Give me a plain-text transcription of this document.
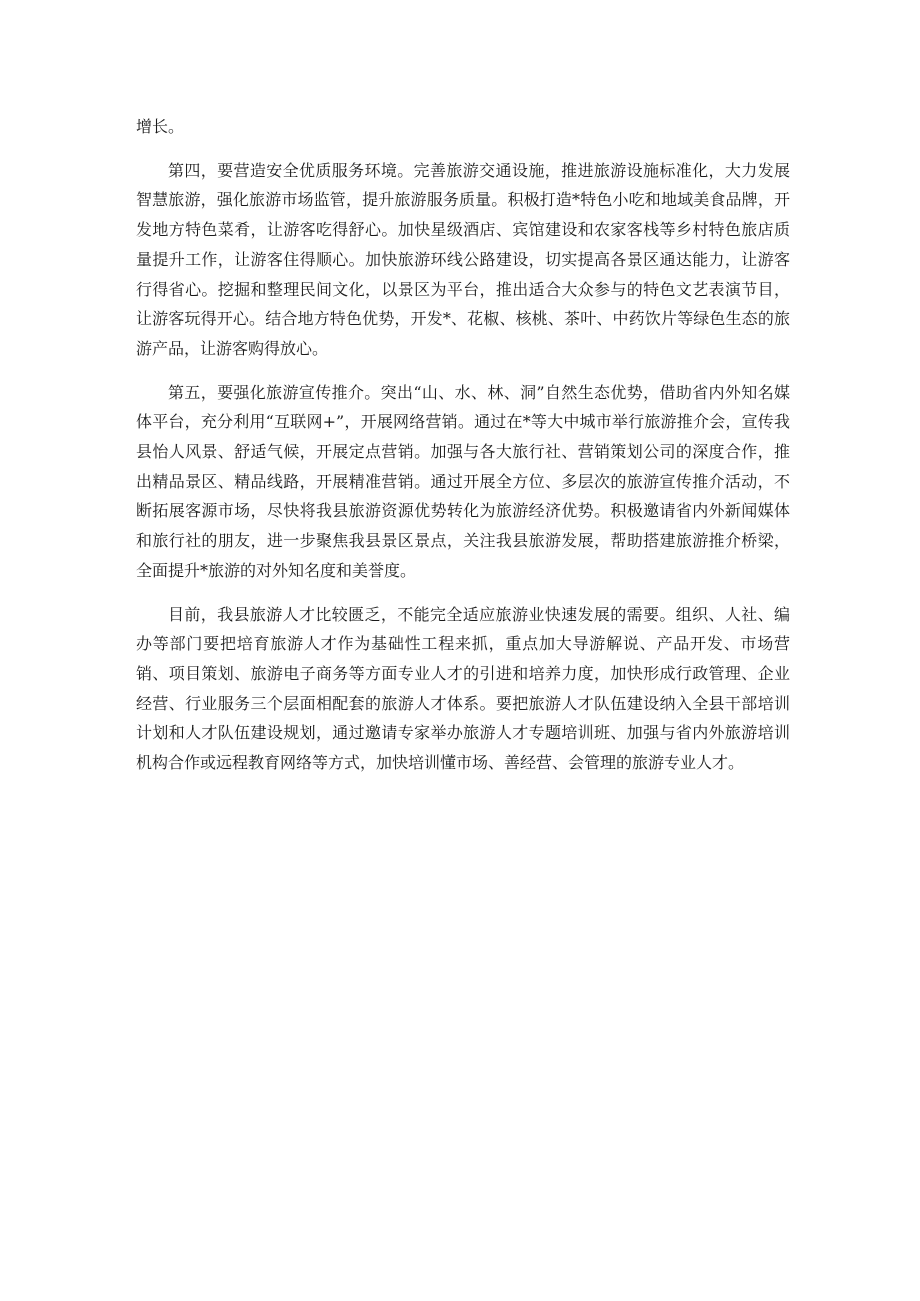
增长。

第四，要营造安全优质服务环境。完善旅游交通设施，推进旅游设施标准化，大力发展智慧旅游，强化旅游市场监管，提升旅游服务质量。积极打造*特色小吃和地域美食品牌，开发地方特色菜肴，让游客吃得舒心。加快星级酒店、宾馆建设和农家客栈等乡村特色旅店质量提升工作，让游客住得顺心。加快旅游环线公路建设，切实提高各景区通达能力，让游客行得省心。挖掘和整理民间文化，以景区为平台，推出适合大众参与的特色文艺表演节目，让游客玩得开心。结合地方特色优势，开发*、花椒、核桃、茶叶、中药饮片等绿色生态的旅游产品，让游客购得放心。

第五，要强化旅游宣传推介。突出“山、水、林、洞”自然生态优势，借助省内外知名媒体平台，充分利用“互联网+”，开展网络营销。通过在*等大中城市举行旅游推介会，宣传我县怡人风景、舒适气候，开展定点营销。加强与各大旅行社、营销策划公司的深度合作，推出精品景区、精品线路，开展精准营销。通过开展全方位、多层次的旅游宣传推介活动，不断拓展客源市场，尽快将我县旅游资源优势转化为旅游经济优势。积极邀请省内外新闻媒体和旅行社的朋友，进一步聚焦我县景区景点，关注我县旅游发展，帮助搭建旅游推介桥梁，全面提升*旅游的对外知名度和美誉度。

目前，我县旅游人才比较匮乏，不能完全适应旅游业快速发展的需要。组织、人社、编办等部门要把培育旅游人才作为基础性工程来抓，重点加大导游解说、产品开发、市场营销、项目策划、旅游电子商务等方面专业人才的引进和培养力度，加快形成行政管理、企业经营、行业服务三个层面相配套的旅游人才体系。要把旅游人才队伍建设纳入全县干部培训计划和人才队伍建设规划，通过邀请专家举办旅游人才专题培训班、加强与省内外旅游培训机构合作或远程教育网络等方式，加快培训懂市场、善经营、会管理的旅游专业人才。
